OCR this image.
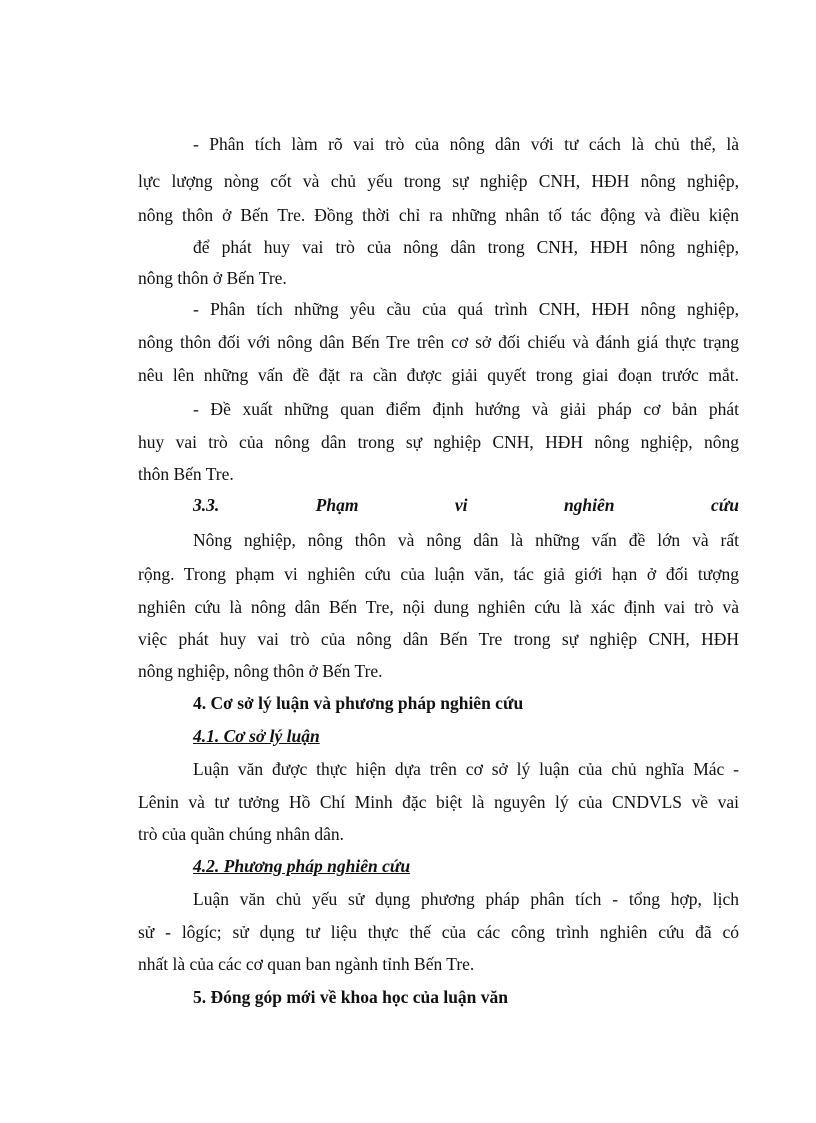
- Phân tích làm rõ vai trò của nông dân với tư cách là chủ thể, là
lực lượng nòng cốt và chủ yếu trong sự nghiệp CNH, HĐH nông nghiệp,
nông thôn ở Bến Tre. Đồng thời chỉ ra những nhân tố tác động và điều kiện
để phát huy vai trò của nông dân trong CNH, HĐH nông nghiệp,
nông thôn ở Bến Tre.
- Phân tích những yêu cầu của quá trình CNH, HĐH nông nghiệp,
nông thôn đối với nông dân Bến Tre trên cơ sở đối chiếu và đánh giá thực trạng
nêu lên những vấn đề đặt ra cần được giải quyết trong giai đoạn trước mắt.
- Đề xuất những quan điểm định hướng và giải pháp cơ bản phát
huy vai trò của nông dân trong sự nghiệp CNH, HĐH nông nghiệp, nông
thôn Bến Tre.
3.3.	Phạm	vi	nghiên	cứu
Nông nghiệp, nông thôn và nông dân là những vấn đề lớn và rất
rộng. Trong phạm vi nghiên cứu của luận văn, tác giả giới hạn ở đối tượng
nghiên cứu là nông dân Bến Tre, nội dung nghiên cứu là xác định vai trò và
việc phát huy vai trò của nông dân Bến Tre trong sự nghiệp CNH, HĐH
nông nghiệp, nông thôn ở Bến Tre.
4. Cơ sở lý luận và phương pháp nghiên cứu
4.1. Cơ sở lý luận
Luận văn được thực hiện dựa trên cơ sở lý luận của chủ nghĩa Mác -
Lênin và tư tưởng Hồ Chí Minh đặc biệt là nguyên lý của CNDVLS về vai
trò của quần chúng nhân dân.
4.2. Phương pháp nghiên cứu
Luận văn chủ yếu sử dụng phương pháp phân tích - tổng hợp, lịch
sử - lôgíc; sử dụng tư liệu thực thế của các công trình nghiên cứu đã có
nhất là của các cơ quan ban ngành tỉnh Bến Tre.
5. Đóng góp mới về khoa học của luận văn
